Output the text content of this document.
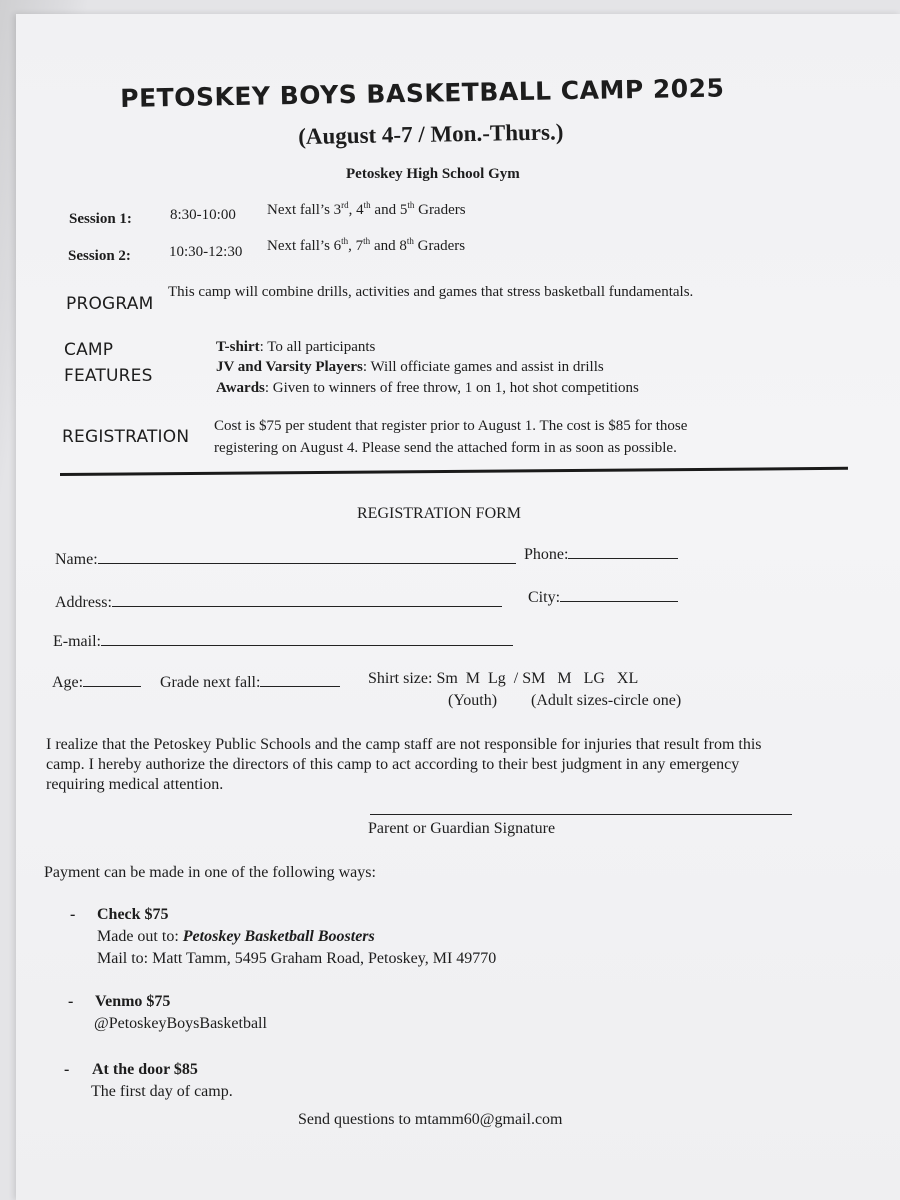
PETOSKEY BOYS BASKETBALL CAMP 2025
(August 4-7 / Mon.-Thurs.)
Petoskey High School Gym
Session 1:	8:30-10:00 Next fall’s 3rd, 4th and 5th Graders
Session 2:	10:30-12:30 Next fall’s 6th, 7th and 8th Graders
PROGRAM
This camp will combine drills, activities and games that stress basketball fundamentals.
CAMP
FEATURES
T-shirt: To all participants
JV and Varsity Players: Will officiate games and assist in drills
Awards: Given to winners of free throw, 1 on 1, hot shot competitions
REGISTRATION
Cost is $75 per student that register prior to August 1. The cost is $85 for those
registering on August 4. Please send the attached form in as soon as possible.
REGISTRATION FORM
Name:	Phone:
Address:	City:
E-mail:
Age:	Grade next fall:	Shirt size: Sm  M  Lg  / SM   M   LG   XL
(Youth) (Adult sizes-circle one)
I realize that the Petoskey Public Schools and the camp staff are not responsible for injuries that result from this
camp. I hereby authorize the directors of this camp to act according to their best judgment in any emergency
requiring medical attention.
Parent or Guardian Signature
Payment can be made in one of the following ways:
- Check $75
Made out to: Petoskey Basketball Boosters
Mail to: Matt Tamm, 5495 Graham Road, Petoskey, MI 49770
- Venmo $75
@PetoskeyBoysBasketball
- At the door $85
The first day of camp.
Send questions to mtamm60@gmail.com
